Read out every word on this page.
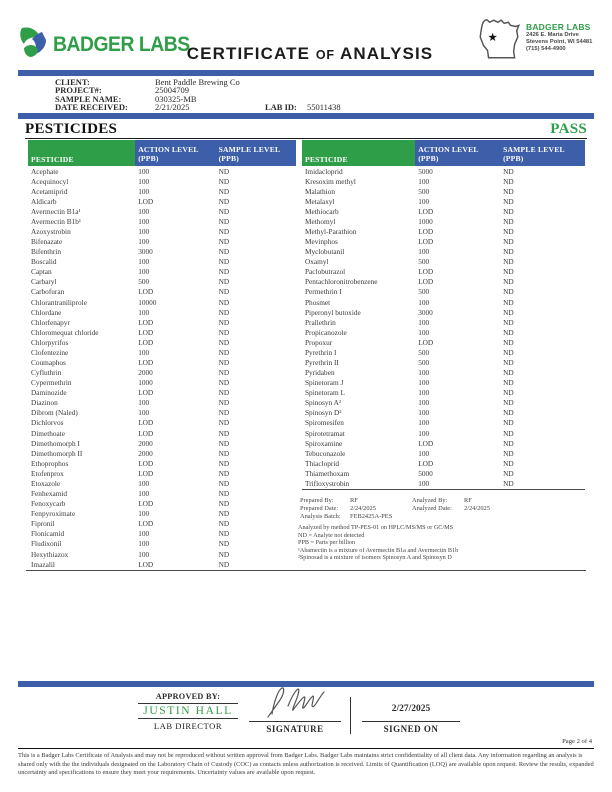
BADGER LABS
CERTIFICATE OF ANALYSIS
★
BADGER LABS
2426 E. Maria Drive
Stevens Point, WI 54481
(715) 544-4900
CLIENT:	Bent Paddle Brewing Co
PROJECT#:	25004709
SAMPLE NAME:	030325-MB
DATE RECEIVED:	2/21/2025	LAB ID:	55011438
PESTICIDES	PASS
PESTICIDE
ACTION LEVEL
(PPB)
SAMPLE LEVEL
(PPB)
Acephate	100	ND
Acequinocyl	100	ND
Acetamiprid	100	ND
Aldicarb	LOD	ND
Avermectin B1a¹	100	ND
Avermectin B1b¹	100	ND
Azoxystrobin	100	ND
Bifenazate	100	ND
Bifenthrin	3000	ND
Boscalid	100	ND
Captan	100	ND
Carbaryl	500	ND
Carbofuran	LOD	ND
Chlorantraniliprole	10000	ND
Chlordane	100	ND
Chlorfenapyr	LOD	ND
Chloromequat chloride	LOD	ND
Chlorpyrifos	LOD	ND
Clofentezine	100	ND
Coumaphos	LOD	ND
Cyfluthrin	2000	ND
Cypermethrin	1000	ND
Daminozide	LOD	ND
Diazinon	100	ND
Dibrom (Naled)	100	ND
Dichlorvos	LOD	ND
Dimethoate	LOD	ND
Dimethomorph I	2000	ND
Dimethomorph II	2000	ND
Ethoprophos	LOD	ND
Etofenprox	LOD	ND
Etoxazole	100	ND
Fenhexamid	100	ND
Fenoxycarb	LOD	ND
Fenpyroximate	100	ND
Fipronil	LOD	ND
Flonicamid	100	ND
Fludixonil	100	ND
Hexythiazox	100	ND
Imazalil	LOD	ND
PESTICIDE
ACTION LEVEL
(PPB)
SAMPLE LEVEL
(PPB)
Imidacloprid	5000	ND
Kresoxim methyl	100	ND
Malathion	500	ND
Metalaxyl	100	ND
Methiocarb	LOD	ND
Methomyl	1000	ND
Methyl-Parathion	LOD	ND
Mevinphos	LOD	ND
Myclobutanil	100	ND
Oxamyl	500	ND
Paclobutrazol	LOD	ND
Pentachloronitrobenzene	LOD	ND
Permethrin I	500	ND
Phosmet	100	ND
Piperonyl butoxide	3000	ND
Prallethrin	100	ND
Propicanozole	100	ND
Propoxur	LOD	ND
Pyrethrin I	500	ND
Pyrethrin II	500	ND
Pyridaben	100	ND
Spinetoram J	100	ND
Spinetoram L	100	ND
Spinosyn A²	100	ND
Spinosyn D²	100	ND
Spiromesifen	100	ND
Spirotetramat	100	ND
Spiroxamine	LOD	ND
Tebuconazole	100	ND
Thiacloprid	LOD	ND
Thiamethoxam	5000	ND
Trifloxystrobin	100	ND
Prepared By:	RF	Analyzed By:	RF
Prepared Date:	2/24/2025	Analyzed Date:	2/24/2025
Analysis Batch:	FEB2425A-PES
Analyzed by method TP-PES-01 on HPLC/MS/MS or GC/MS
ND = Analyte not detected
PPB = Parts per billion
¹Abamectin is a mixture of Avermectin B1a and Avermectin B1b
²Spinosad is a mixture of isomers Spinosyn A and Spinosyn D
APPROVED BY:
JUSTIN HALL
LAB DIRECTOR	SIGNATURE
2/27/2025
SIGNED ON
Page 2 of 4
This is a Badger Labs Certificate of Analysis and may not be reproduced without written approval from Badger Labs. Badger Labs maintains strict confidentiality of all client data. Any information regarding an analysis is shared only with the the individuals designated on the Laboratory Chain of Custody (COC) as contacts unless authorization is received. Limits of Quantification (LOQ) are available upon request. Review the results, expanded uncertainty and specifications to ensure they meet your requirements. Uncertainty values are available upon request.
